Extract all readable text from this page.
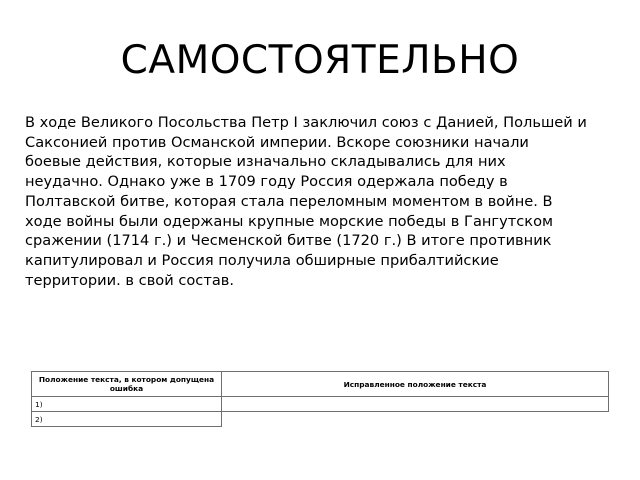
САМОСТОЯТЕЛЬНО
В ходе Великого Посольства Петр I заключил союз с Данией, Польшей и
Саксонией против Османской империи. Вскоре союзники начали
боевые действия, которые изначально складывались для них
неудачно. Однако уже в 1709 году Россия одержала победу в
Полтавской битве, которая стала переломным моментом в войне. В
ходе войны были одержаны крупные морские победы в Гангутском
сражении (1714 г.) и Чесменской битве (1720 г.) В итоге противник
капитулировал и Россия получила обширные прибалтийские
территории. в свой состав.
Положение текста, в котором допущена ошибка	Исправленное положение текста
1)	
2)	
